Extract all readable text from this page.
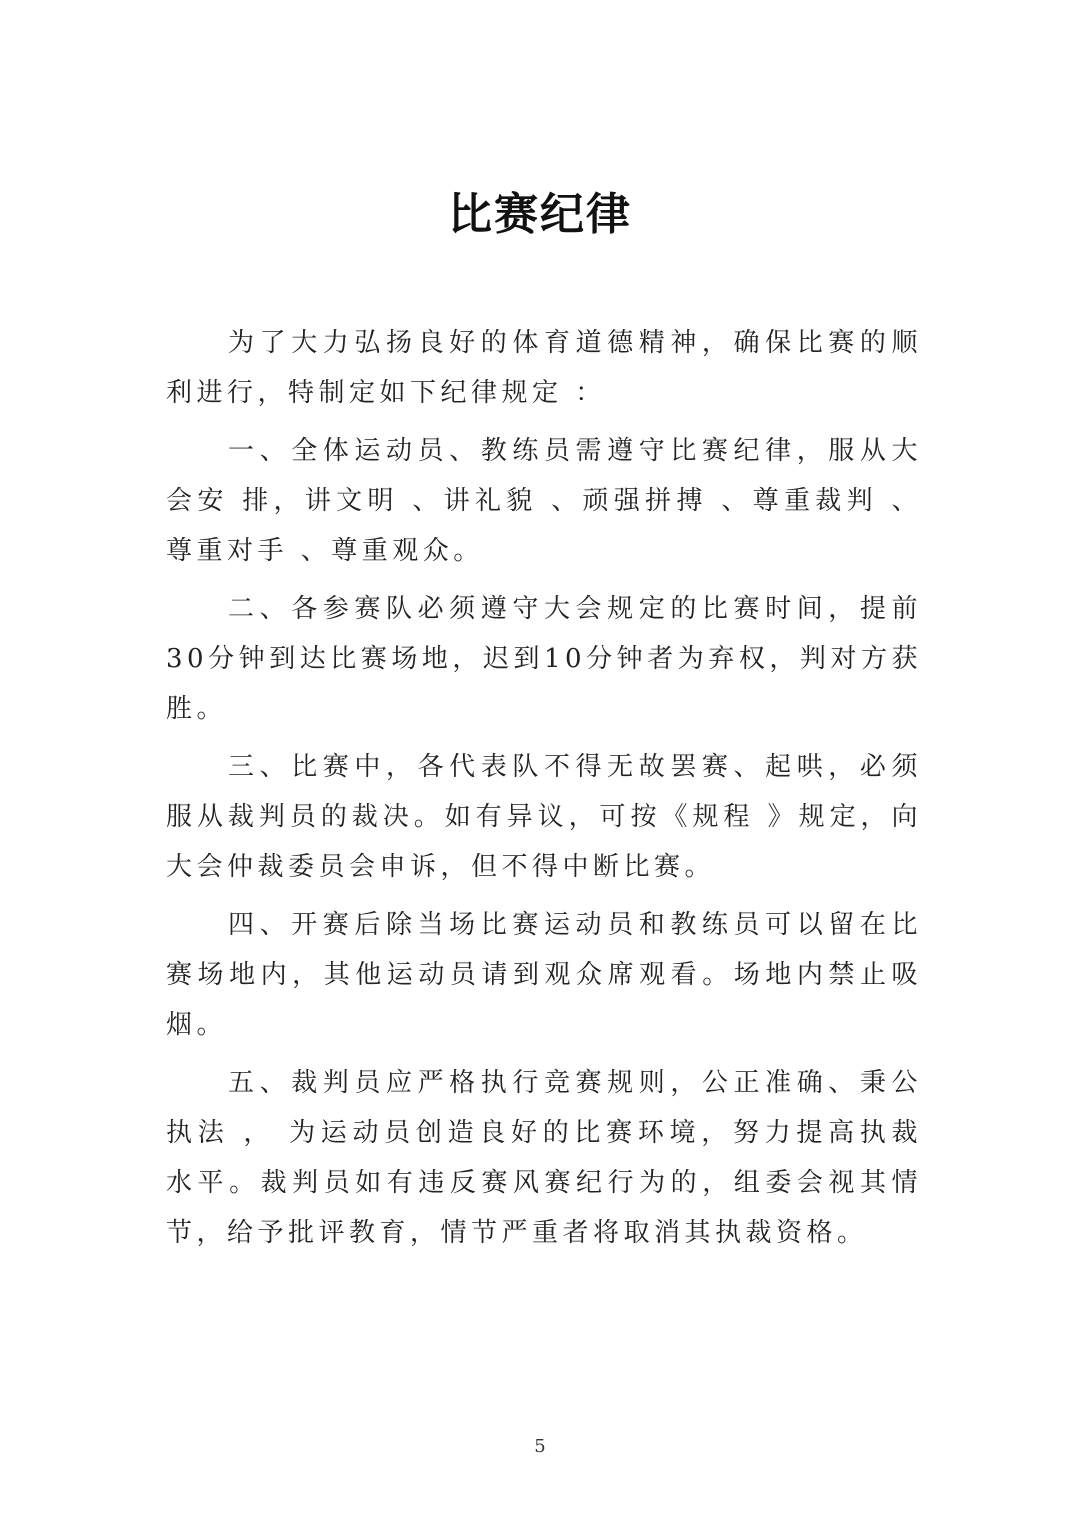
比赛纪律

为了大力弘扬良好的体育道德精神，确保比赛的顺利进行，特制定如下纪律规定 ：

一、全体运动员、教练员需遵守比赛纪律，服从大会安 排，讲文明 、讲礼貌 、顽强拼搏 、尊重裁判 、尊重对手 、尊重观众。

二、各参赛队必须遵守大会规定的比赛时间，提前30分钟到达比赛场地，迟到10分钟者为弃权，判对方获胜。

三、比赛中，各代表队不得无故罢赛、起哄，必须服从裁判员的裁决。如有异议，可按《规程 》规定，向大会仲裁委员会申诉，但不得中断比赛。

四、开赛后除当场比赛运动员和教练员可以留在比赛场地内，其他运动员请到观众席观看。场地内禁止吸烟。

五、裁判员应严格执行竞赛规则，公正准确、秉公执法 ， 为运动员创造良好的比赛环境，努力提高执裁水平。裁判员如有违反赛风赛纪行为的，组委会视其情节，给予批评教育，情节严重者将取消其执裁资格。

5
